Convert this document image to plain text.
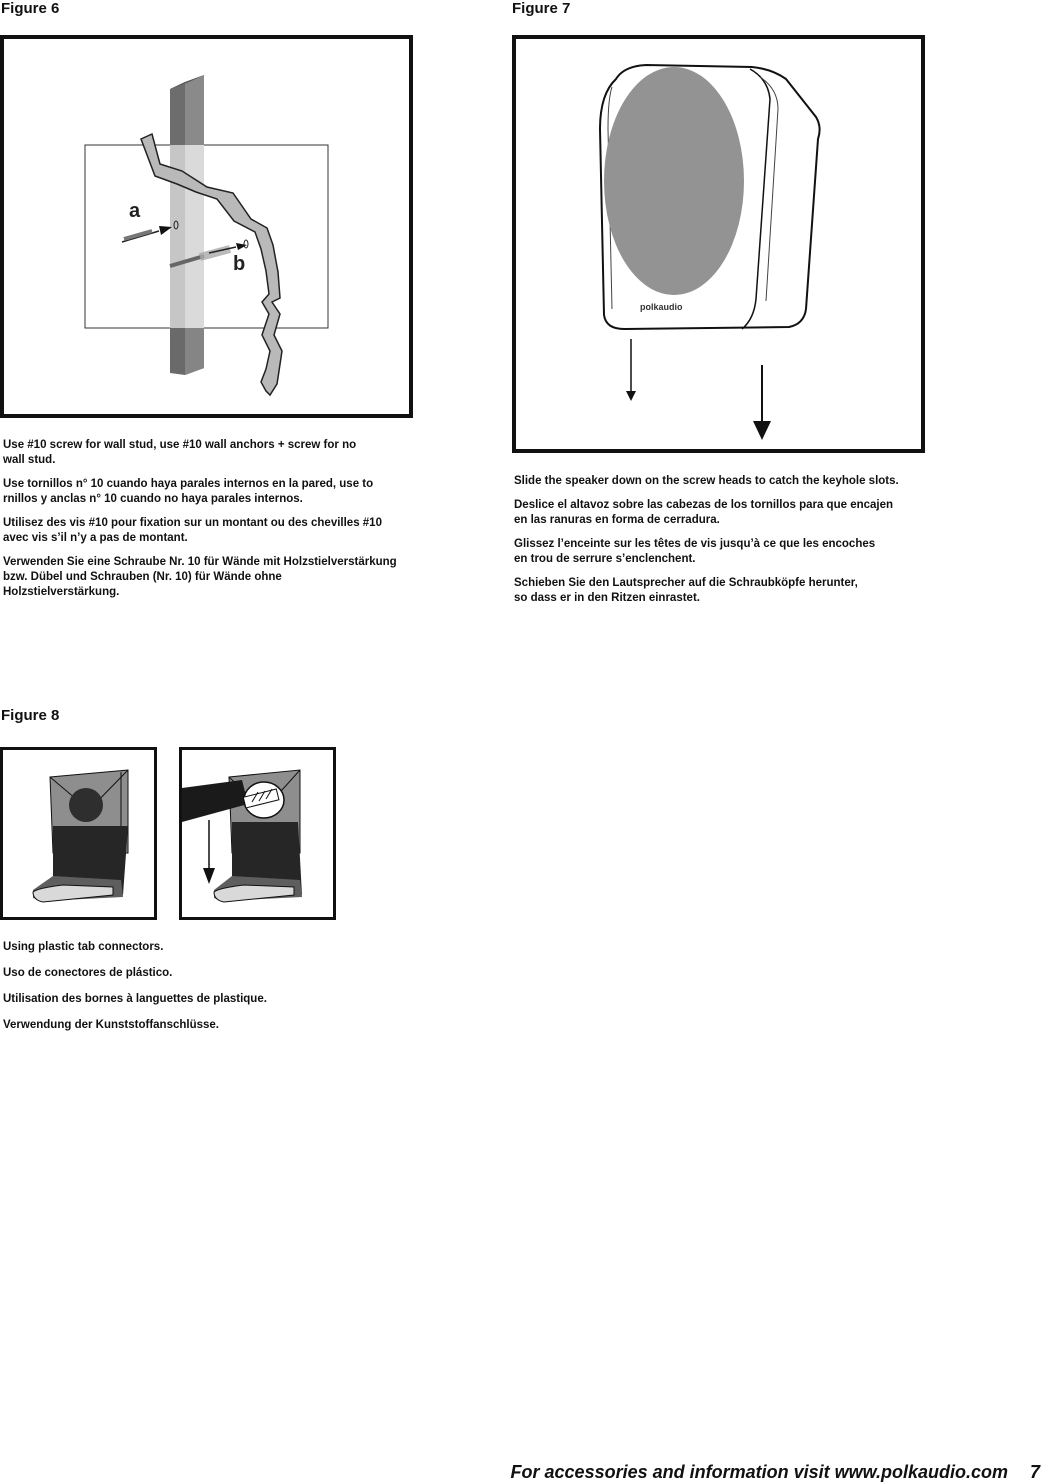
Figure 6
a
b

Use #10 screw for wall stud, use #10 wall anchors + screw for no
wall stud.

Use tornillos n° 10 cuando haya parales internos en la pared, use to
rnillos y anclas n° 10 cuando no haya parales internos.

Utilisez des vis #10 pour fixation sur un montant ou des chevilles #10
avec vis s’il n’y a pas de montant.

Verwenden Sie eine Schraube Nr. 10 für Wände mit Holzstielverstärkung
bzw. Dübel und Schrauben (Nr. 10) für Wände ohne
Holzstielverstärkung.

Figure 7
polkaudio

Slide the speaker down on the screw heads to catch the keyhole slots.

Deslice el altavoz sobre las cabezas de los tornillos para que encajen
en las ranuras en forma de cerradura.

Glissez l’enceinte sur les têtes de vis jusqu’à ce que les encoches
en trou de serrure s’enclenchent.

Schieben Sie den Lautsprecher auf die Schraubköpfe herunter,
so dass er in den Ritzen einrastet.

Figure 8

Using plastic tab connectors.

Uso de conectores de plástico.

Utilisation des bornes à languettes de plastique.

Verwendung der Kunststoffanschlüsse.

For accessories and information visit www.polkaudio.com 7
